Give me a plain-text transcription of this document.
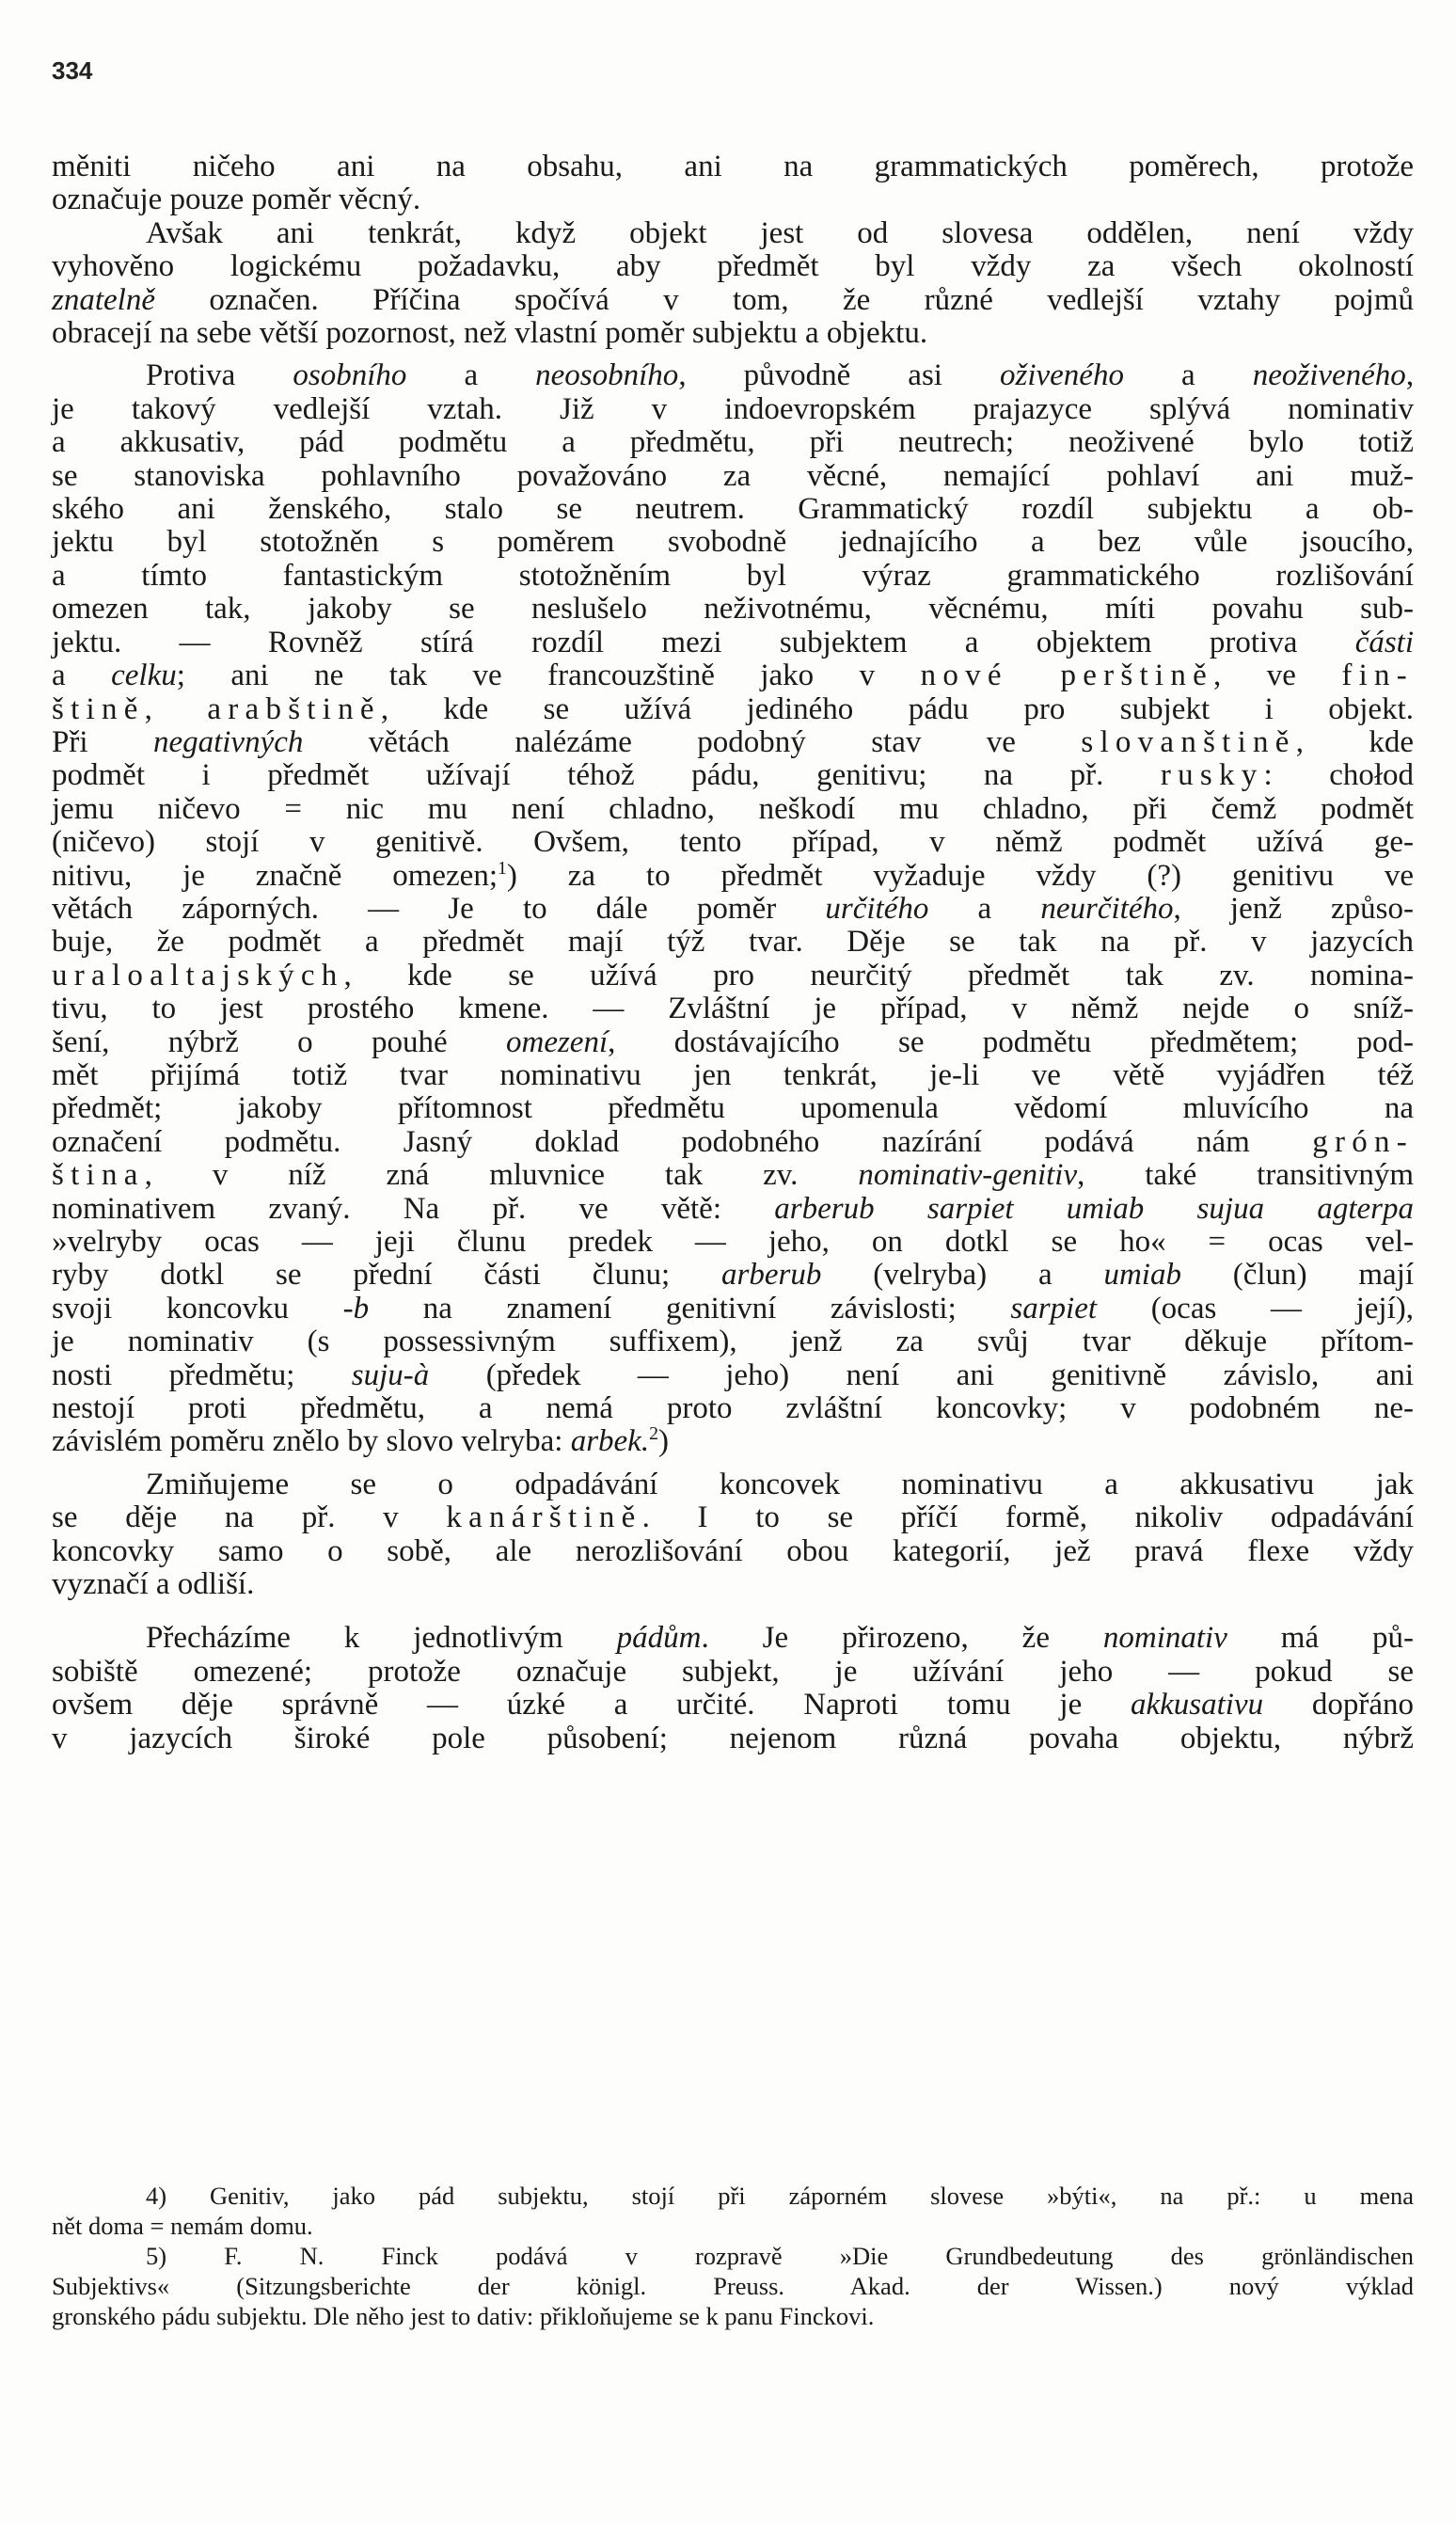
334

měniti ničeho ani na obsahu, ani na grammatických poměrech, protože

označuje pouze poměr věcný.

Avšak ani tenkrát, když objekt jest od slovesa oddělen, není vždy

vyhověno logickému požadavku, aby předmět byl vždy za všech okolností

znatelně označen. Příčina spočívá v tom, že různé vedlejší vztahy pojmů

obracejí na sebe větší pozornost, než vlastní poměr subjektu a objektu.

Protiva osobního a neosobního, původně asi oživeného a neoživeného,

je takový vedlejší vztah. Již v indoevropském prajazyce splývá nominativ

a akkusativ, pád podmětu a předmětu, při neutrech; neoživené bylo totiž

se stanoviska pohlavního považováno za věcné, nemající pohlaví ani muž-

ského ani ženského, stalo se neutrem. Grammatický rozdíl subjektu a ob-

jektu byl stotožněn s poměrem svobodně jednajícího a bez vůle jsoucího,

a tímto fantastickým stotožněním byl výraz grammatického rozlišování

omezen tak, jakoby se neslušelo neživotnému, věcnému, míti povahu sub-

jektu. — Rovněž stírá rozdíl mezi subjektem a objektem protiva části

a celku; ani ne tak ve francouzštině jako v nové perštině, ve fin-

štině, arabštině, kde se užívá jediného pádu pro subjekt i objekt.

Při negativných větách nalézáme podobný stav ve slovanštině, kde

podmět i předmět užívají téhož pádu, genitivu; na př. rusky: chołod

jemu ničevo = nic mu není chladno, neškodí mu chladno, při čemž podmět

(ničevo) stojí v genitivě. Ovšem, tento případ, v němž podmět užívá ge-

nitivu, je značně omezen;$^1$) za to předmět vyžaduje vždy (?) genitivu ve

větách záporných. — Je to dále poměr určitého a neurčitého, jenž způso-

buje, že podmět a předmět mají týž tvar. Děje se tak na př. v jazycích

uraloaltajských, kde se užívá pro neurčitý předmět tak zv. nomina-

tivu, to jest prostého kmene. — Zvláštní je případ, v němž nejde o sníž-

šení, nýbrž o pouhé omezení, dostávajícího se podmětu předmětem; pod-

mět přijímá totiž tvar nominativu jen tenkrát, je-li ve větě vyjádřen též

předmět; jakoby přítomnost předmětu upomenula vědomí mluvícího na

označení podmětu. Jasný doklad podobného nazírání podává nám grón-

ština, v níž zná mluvnice tak zv. nominativ-genitiv, také transitivným

nominativem zvaný. Na př. ve větě: arberub sarpiet umiab sujua agterpa

»velryby ocas — jeji člunu predek — jeho, on dotkl se ho« = ocas vel-

ryby dotkl se přední části člunu; arberub (velryba) a umiab (člun) mají

svoji koncovku -b na znamení genitivní závislosti; sarpiet (ocas — její),

je nominativ (s possessivným suffixem), jenž za svůj tvar děkuje přítom-

nosti předmětu; suju-à (předek — jeho) není ani genitivně závislo, ani

nestojí proti předmětu, a nemá proto zvláštní koncovky; v podobném ne-

závislém poměru znělo by slovo velryba: arbek.$^2$)

Zmiňujeme se o odpadávání koncovek nominativu a akkusativu jak

se děje na př. v kanárštině. I to se příčí formě, nikoliv odpadávání

koncovky samo o sobě, ale nerozlišování obou kategorií, jež pravá flexe vždy

vyznačí a odliší.

Přecházíme k jednotlivým pádům. Je přirozeno, že nominativ má pů-

sobiště omezené; protože označuje subjekt, je užívání jeho — pokud se

ovšem děje správně — úzké a určité. Naproti tomu je akkusativu dopřáno

v jazycích široké pole působení; nejenom různá povaha objektu, nýbrž

4) Genitiv, jako pád subjektu, stojí při záporném slovese »býti«, na př.: u mena

nět doma = nemám domu.

5) F. N. Finck podává v rozpravě »Die Grundbedeutung des grönländischen

Subjektivs« (Sitzungsberichte der königl. Preuss. Akad. der Wissen.) nový výklad

gronského pádu subjektu. Dle něho jest to dativ: přikloňujeme se k panu Finckovi.
